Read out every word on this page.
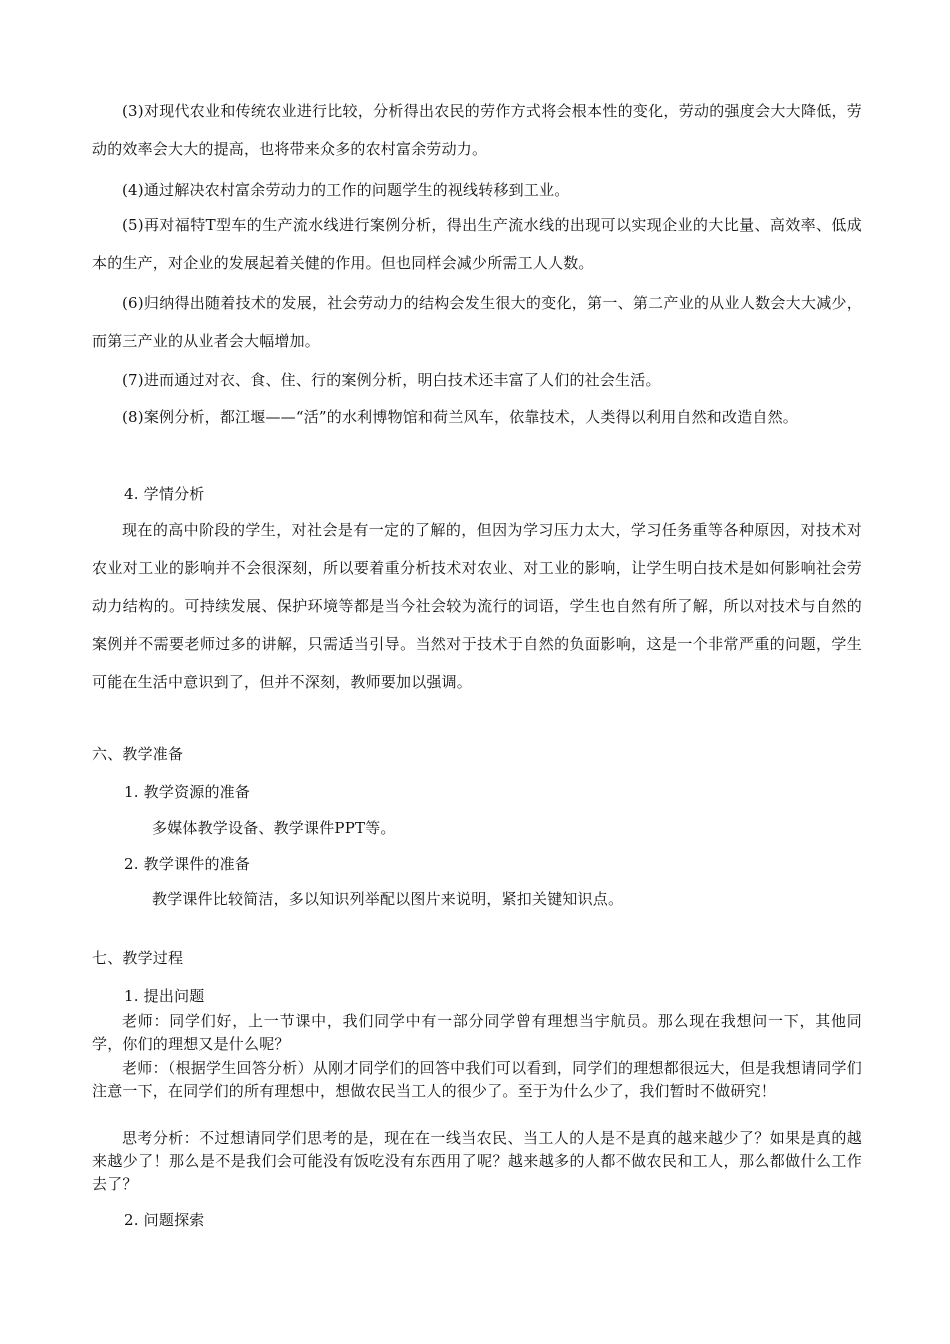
(3)对现代农业和传统农业进行比较，分析得出农民的劳作方式将会根本性的变化，劳动的强度会大大降低，劳动的效率会大大的提高，也将带来众多的农村富余劳动力。

(4)通过解决农村富余劳动力的工作的问题学生的视线转移到工业。

(5)再对福特T型车的生产流水线进行案例分析，得出生产流水线的出现可以实现企业的大比量、高效率、低成本的生产，对企业的发展起着关健的作用。但也同样会减少所需工人人数。

(6)归纳得出随着技术的发展，社会劳动力的结构会发生很大的变化，第一、第二产业的从业人数会大大减少，而第三产业的从业者会大幅增加。

(7)进而通过对衣、食、住、行的案例分析，明白技术还丰富了人们的社会生活。

(8)案例分析，都江堰——“活”的水利博物馆和荷兰风车，依靠技术，人类得以利用自然和改造自然。

4. 学情分析

现在的高中阶段的学生，对社会是有一定的了解的，但因为学习压力太大，学习任务重等各种原因，对技术对农业对工业的影响并不会很深刻，所以要着重分析技术对农业、对工业的影响，让学生明白技术是如何影响社会劳动力结构的。可持续发展、保护环境等都是当今社会较为流行的词语，学生也自然有所了解，所以对技术与自然的案例并不需要老师过多的讲解，只需适当引导。当然对于技术于自然的负面影响，这是一个非常严重的问题，学生可能在生活中意识到了，但并不深刻，教师要加以强调。

六、教学准备

1. 教学资源的准备

多媒体教学设备、教学课件PPT等。

2. 教学课件的准备

教学课件比较简洁，多以知识列举配以图片来说明，紧扣关键知识点。

七、教学过程

1. 提出问题

老师：同学们好，上一节课中，我们同学中有一部分同学曾有理想当宇航员。那么现在我想问一下，其他同学，你们的理想又是什么呢？

老师：（根据学生回答分析）从刚才同学们的回答中我们可以看到，同学们的理想都很远大，但是我想请同学们注意一下，在同学们的所有理想中，想做农民当工人的很少了。至于为什么少了，我们暂时不做研究！

思考分析：不过想请同学们思考的是，现在在一线当农民、当工人的人是不是真的越来越少了？如果是真的越来越少了！那么是不是我们会可能没有饭吃没有东西用了呢？越来越多的人都不做农民和工人，那么都做什么工作去了？

2. 问题探索
